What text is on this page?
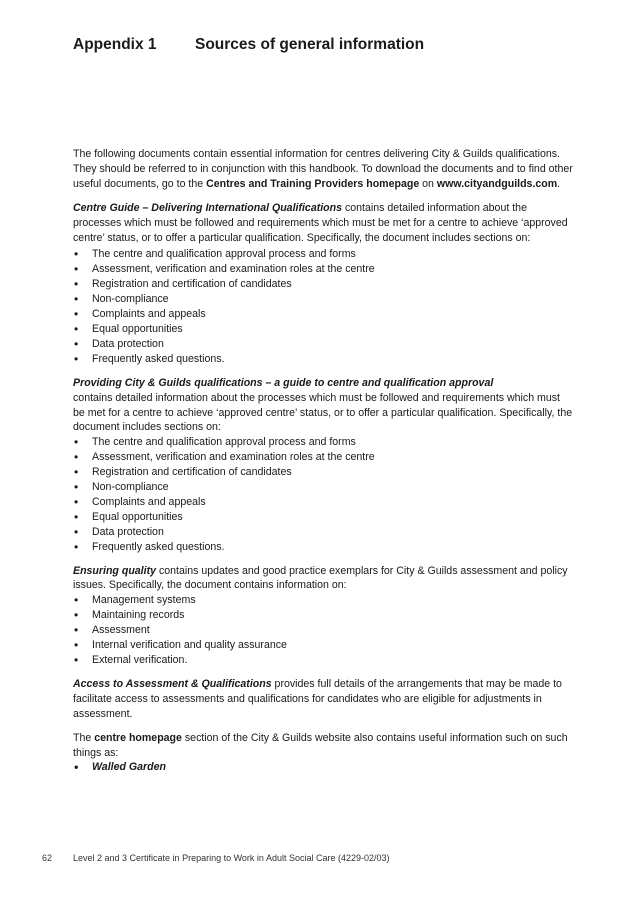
Appendix 1 Sources of general information

The following documents contain essential information for centres delivering City & Guilds qualifications. They should be referred to in conjunction with this handbook. To download the documents and to find other useful documents, go to the Centres and Training Providers homepage on www.cityandguilds.com.

Centre Guide – Delivering International Qualifications contains detailed information about the processes which must be followed and requirements which must be met for a centre to achieve ‘approved centre’ status, or to offer a particular qualification. Specifically, the document includes sections on:

• The centre and qualification approval process and forms
• Assessment, verification and examination roles at the centre
• Registration and certification of candidates
• Non-compliance
• Complaints and appeals
• Equal opportunities
• Data protection
• Frequently asked questions.

Providing City & Guilds qualifications – a guide to centre and qualification approval
contains detailed information about the processes which must be followed and requirements which must be met for a centre to achieve ‘approved centre’ status, or to offer a particular qualification. Specifically, the document includes sections on:

• The centre and qualification approval process and forms
• Assessment, verification and examination roles at the centre
• Registration and certification of candidates
• Non-compliance
• Complaints and appeals
• Equal opportunities
• Data protection
• Frequently asked questions.

Ensuring quality contains updates and good practice exemplars for City & Guilds assessment and policy issues. Specifically, the document contains information on:

• Management systems
• Maintaining records
• Assessment
• Internal verification and quality assurance
• External verification.

Access to Assessment & Qualifications provides full details of the arrangements that may be made to facilitate access to assessments and qualifications for candidates who are eligible for adjustments in assessment.

The centre homepage section of the City & Guilds website also contains useful information such on such things as:

• Walled Garden
62 Level 2 and 3 Certificate in Preparing to Work in Adult Social Care (4229-02/03)
